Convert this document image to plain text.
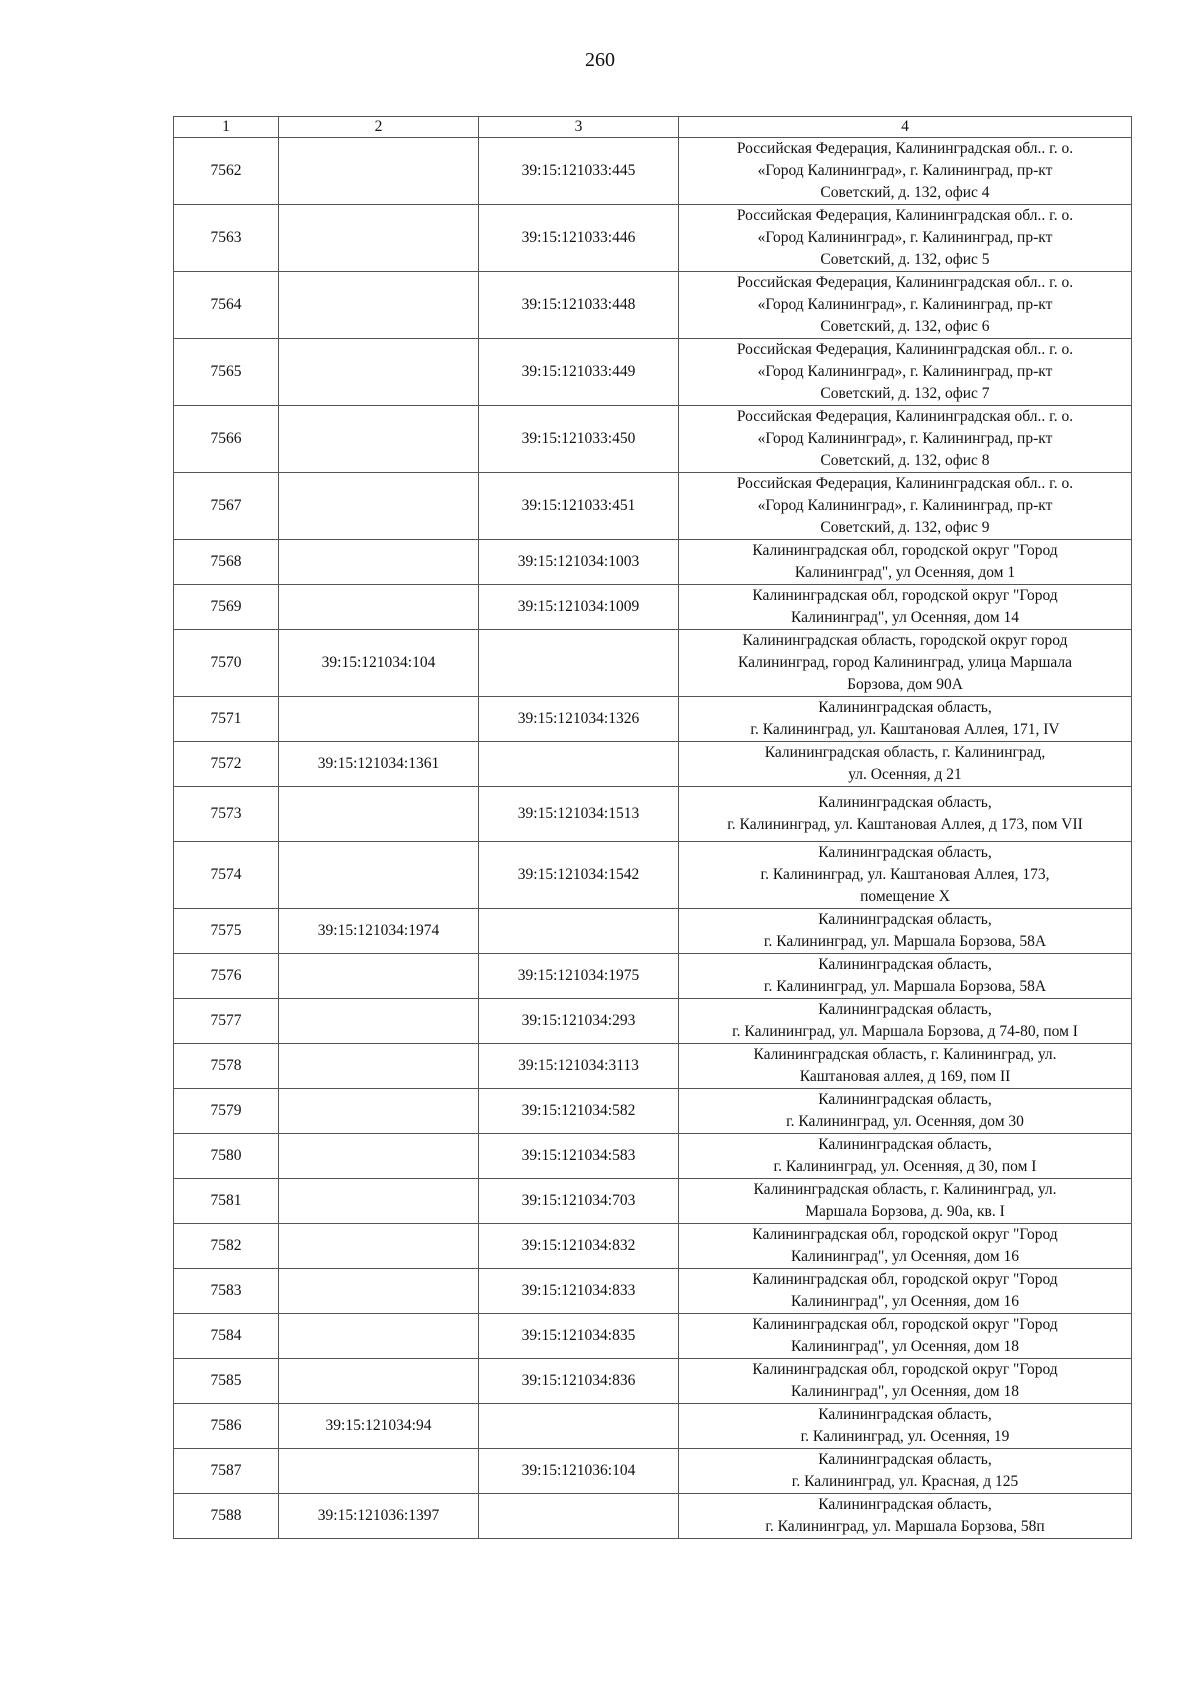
260
1	2	3	4
7562		39:15:121033:445	Российская Федерация, Калининградская обл.. г. о.
«Город Калининград», г. Калининград, пр-кт
Советский, д. 132, офис 4

7563		39:15:121033:446	Российская Федерация, Калининградская обл.. г. о.
«Город Калининград», г. Калининград, пр-кт
Советский, д. 132, офис 5

7564		39:15:121033:448	Российская Федерация, Калининградская обл.. г. о.
«Город Калининград», г. Калининград, пр-кт
Советский, д. 132, офис 6

7565		39:15:121033:449	Российская Федерация, Калининградская обл.. г. о.
«Город Калининград», г. Калининград, пр-кт
Советский, д. 132, офис 7

7566		39:15:121033:450	Российская Федерация, Калининградская обл.. г. о.
«Город Калининград», г. Калининград, пр-кт
Советский, д. 132, офис 8

7567		39:15:121033:451	Российская Федерация, Калининградская обл.. г. о.
«Город Калининград», г. Калининград, пр-кт
Советский, д. 132, офис 9

7568		39:15:121034:1003	Калининградская обл, городской округ "Город
Калининград", ул Осенняя, дом 1

7569		39:15:121034:1009	Калининградская обл, городской округ "Город
Калининград", ул Осенняя, дом 14

7570	39:15:121034:104		Калининградская область, городской округ город
Калининград, город Калининград, улица Маршала
Борзова, дом 90А

7571		39:15:121034:1326	Калининградская область,
г. Калининград, ул. Каштановая Аллея, 171, IV

7572	39:15:121034:1361		Калининградская область, г. Калининград,
ул. Осенняя, д 21

7573		39:15:121034:1513	Калининградская область,
г. Калининград, ул. Каштановая Аллея, д 173, пом VII

7574		39:15:121034:1542	Калининградская область,
г. Калининград, ул. Каштановая Аллея, 173,
помещение X

7575	39:15:121034:1974		Калининградская область,
г. Калининград, ул. Маршала Борзова, 58А

7576		39:15:121034:1975	Калининградская область,
г. Калининград, ул. Маршала Борзова, 58А

7577		39:15:121034:293	Калининградская область,
г. Калининград, ул. Маршала Борзова, д 74-80, пом I

7578		39:15:121034:3113	Калининградская область, г. Калининград, ул.
Каштановая аллея, д 169, пом II

7579		39:15:121034:582	Калининградская область,
г. Калининград, ул. Осенняя, дом 30

7580		39:15:121034:583	Калининградская область,
г. Калининград, ул. Осенняя, д 30, пом I

7581		39:15:121034:703	Калининградская область, г. Калининград, ул.
Маршала Борзова, д. 90а, кв. I

7582		39:15:121034:832	Калининградская обл, городской округ "Город
Калининград", ул Осенняя, дом 16

7583		39:15:121034:833	Калининградская обл, городской округ "Город
Калининград", ул Осенняя, дом 16

7584		39:15:121034:835	Калининградская обл, городской округ "Город
Калининград", ул Осенняя, дом 18

7585		39:15:121034:836	Калининградская обл, городской округ "Город
Калининград", ул Осенняя, дом 18

7586	39:15:121034:94		Калининградская область,
г. Калининград, ул. Осенняя, 19

7587		39:15:121036:104	Калининградская область,
г. Калининград, ул. Красная, д 125

7588	39:15:121036:1397		Калининградская область,
г. Калининград, ул. Маршала Борзова, 58п
